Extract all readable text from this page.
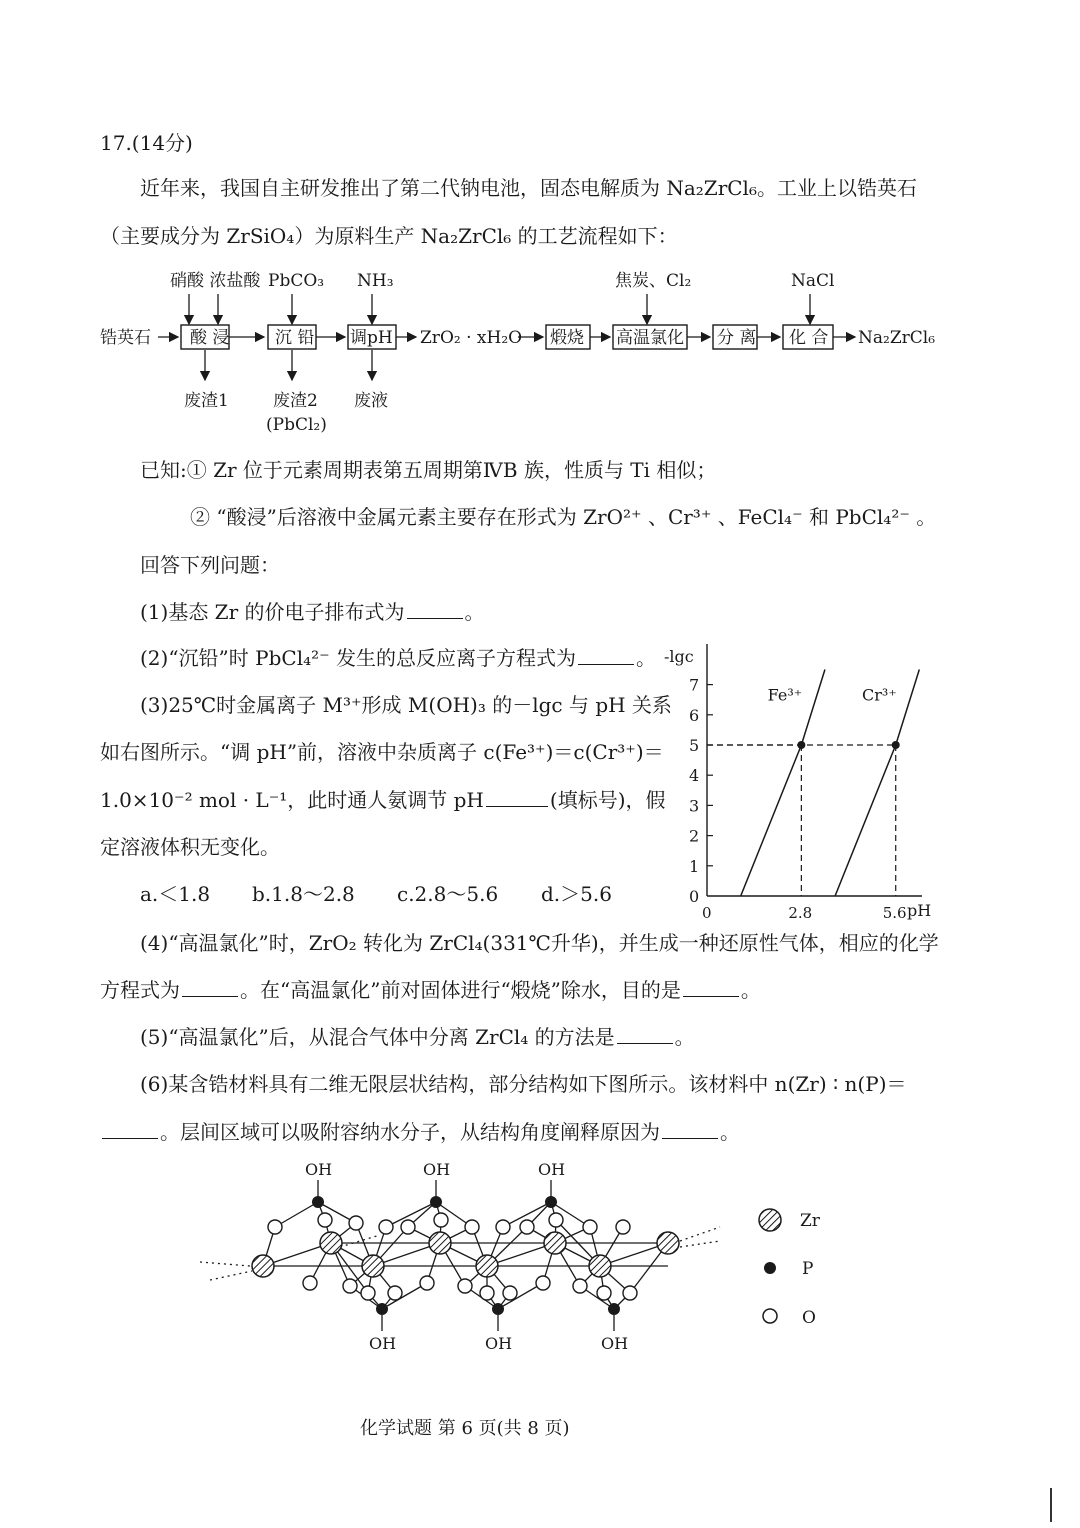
17.(14分)
近年来，我国自主研发推出了第二代钠电池，固态电解质为 Na₂ZrCl₆。工业上以锆英石
（主要成分为 ZrSiO₄）为原料生产 Na₂ZrCl₆ 的工艺流程如下：
硝酸 浓盐酸 PbCO₃ NH₃	焦炭、Cl₂	NaCl
锆英石 酸 浸	沉 铅 调pH ZrO₂ · xH₂O 煅烧 高温氯化 分 离 化 合 Na₂ZrCl₆
废渣1	废渣2
(PbCl₂)
废液
已知:① Zr 位于元素周期表第五周期第ⅣB 族，性质与 Ti 相似；
② “酸浸”后溶液中金属元素主要存在形式为 ZrO²⁺ 、Cr³⁺ 、FeCl₄⁻ 和 PbCl₄²⁻ 。
回答下列问题：
(1)基态 Zr 的价电子排布式为	。
(2)“沉铅”时 PbCl₄²⁻ 发生的总反应离子方程式为	。
(3)25℃时金属离子 M³⁺形成 M(OH)₃ 的－lgc 与 pH 关系
如右图所示。“调 pH”前，溶液中杂质离子 c(Fe³⁺)＝c(Cr³⁺)＝
1.0×10⁻² mol · L⁻¹，此时通人氨调节 pH	(填标号)，假
定溶液体积无变化。
a.＜1.8 b.1.8～2.8 c.2.8～5.6 d.＞5.6	0
1
2
3
4
5
6
7
-lgc
0	2.8	5.6 pH
Fe³⁺	Cr³⁺
(4)“高温氯化”时，ZrO₂ 转化为 ZrCl₄(331℃升华)，并生成一种还原性气体，相应的化学
方程式为	。在“高温氯化”前对固体进行“煅烧”除水，目的是	。
(5)“高温氯化”后，从混合气体中分离 ZrCl₄ 的方法是	。
(6)某含锆材料具有二维无限层状结构，部分结构如下图所示。该材料中 n(Zr) ∶ n(P)＝
。层间区域可以吸附容纳水分子，从结构角度阐释原因为	。
OH	OH	OH
OH	OH	OH
Zr
P
O
化学试题 第 6 页(共 8 页)
